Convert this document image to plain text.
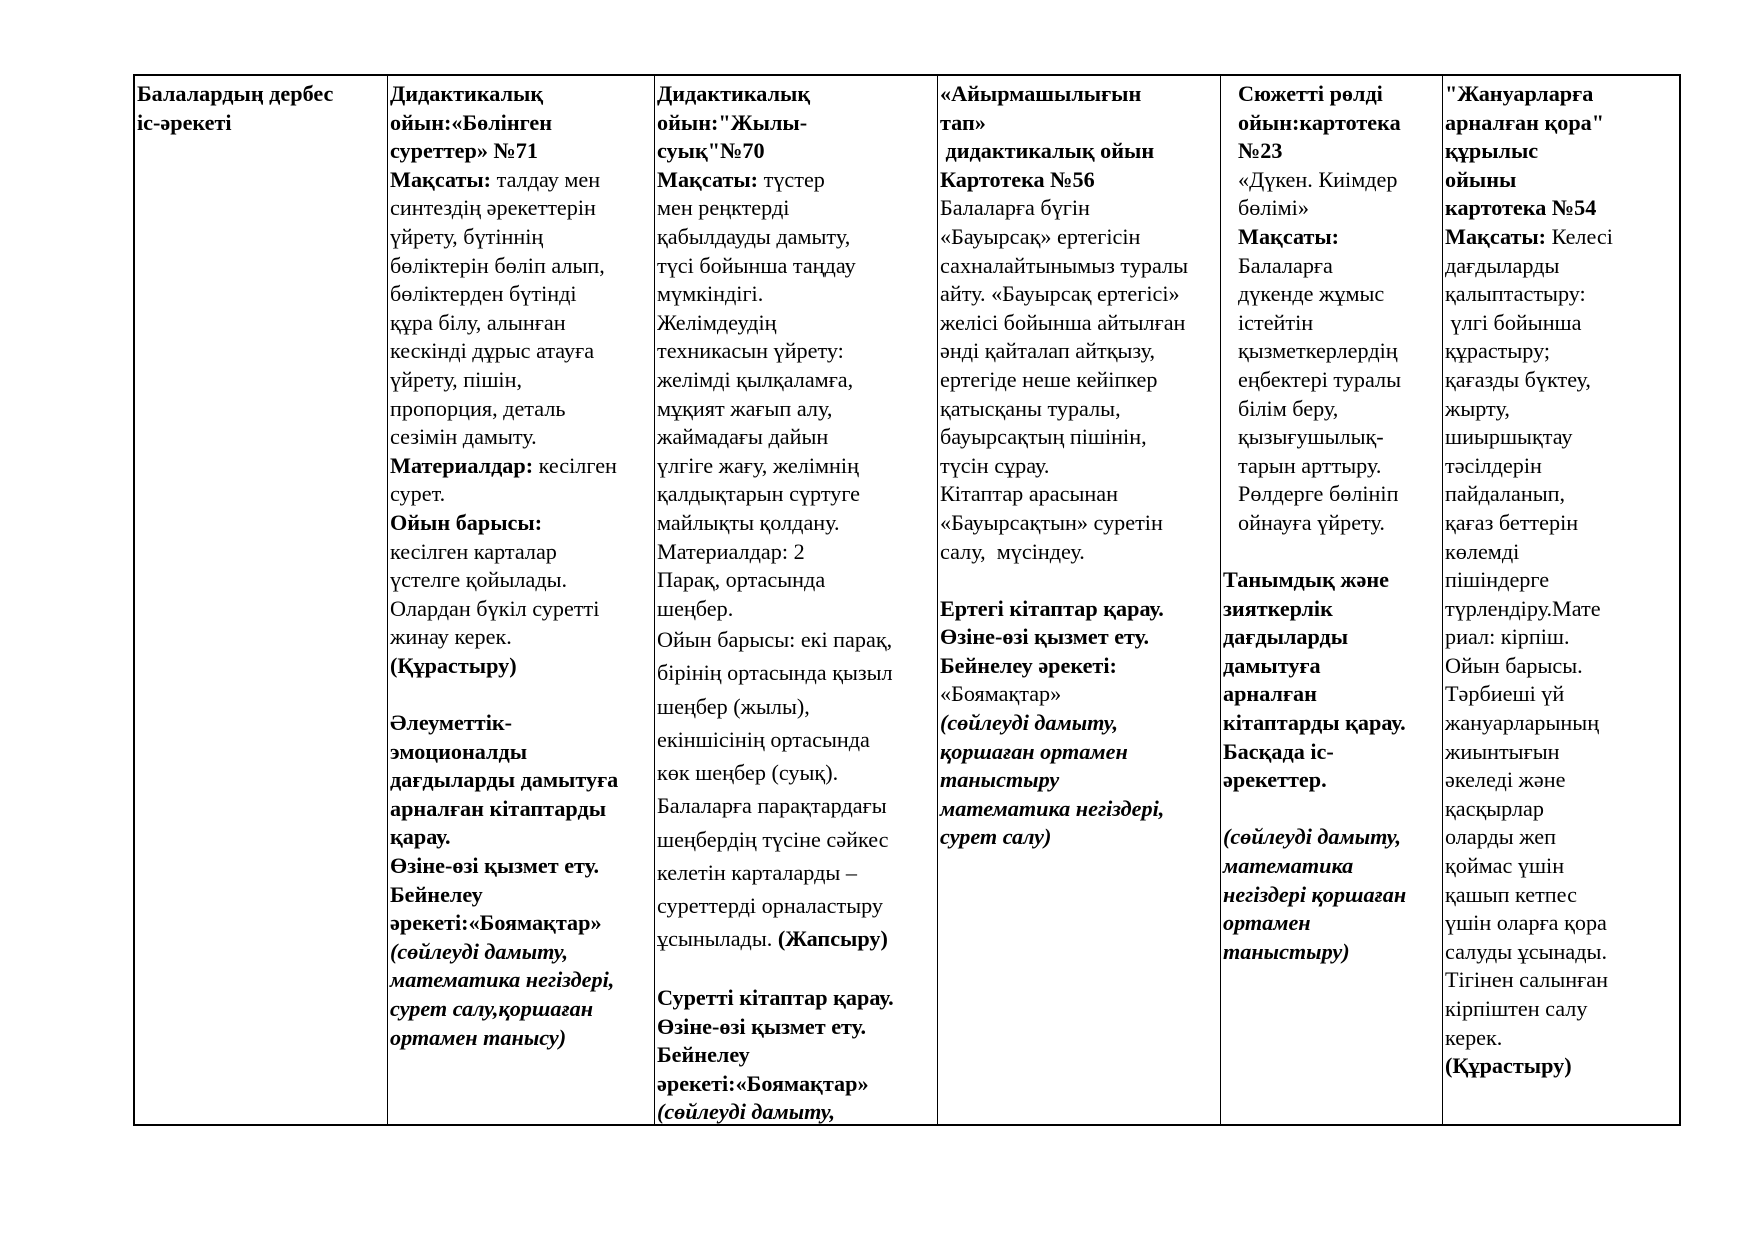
Балалардың дербес
іс-әрекеті
Дидактикалық
ойын:«Бөлінген
суреттер» №71
Мақсаты: талдау мен
синтездің әрекеттерін
үйрету, бүтіннің
бөліктерін бөліп алып,
бөліктерден бүтінді
құра білу, алынған
кескінді дұрыс атауға
үйрету, пішін,
пропорция, деталь
сезімін дамыту.
Материалдар: кесілген
сурет.
Ойын барысы:
кесілген карталар
үстелге қойылады.
Олардан бүкіл суретті
жинау керек.
(Құрастыру)
Әлеуметтік-
эмоционалды
дағдыларды дамытуға
арналған кітаптарды
қарау.
Өзіне-өзі қызмет ету.
Бейнелеу
әрекеті:«Боямақтар»
(сөйлеуді дамыту,
математика негіздері,
сурет салу,қоршаған
ортамен танысу)
Дидактикалық
ойын:"Жылы-
суық"№70
Мақсаты: түстер
мен реңктерді
қабылдауды дамыту,
түсі бойынша таңдау
мүмкіндігі.
Желімдеудің
техникасын үйрету:
желімді қылқаламға,
мұқият жағып алу,
жаймадағы дайын
үлгіге жағу, желімнің
қалдықтарын сүртуге
майлықты қолдану.
Материалдар: 2
Парақ, ортасында
шеңбер.
Ойын барысы: екі парақ,
бірінің ортасында қызыл
шеңбер (жылы),
екіншісінің ортасында
көк шеңбер (суық).
Балаларға парақтардағы
шеңбердің түсіне сәйкес
келетін карталарды –
суреттерді орналастыру
ұсынылады. (Жапсыру)
Суретті кітаптар қарау.
Өзіне-өзі қызмет ету.
Бейнелеу
әрекеті:«Боямақтар»
(сөйлеуді дамыту,
«Айырмашылығын
тап»
дидактикалық ойын
Картотека №56
Балаларға бүгін
«Бауырсақ» ертегісін
сахналайтынымыз туралы
айту. «Бауырсақ ертегісі»
желісі бойынша айтылған
әнді қайталап айтқызу,
ертегіде неше кейіпкер
қатысқаны туралы,
бауырсақтың пішінін,
түсін сұрау.
Кітаптар арасынан
«Бауырсақтын» суретін
салу,  мүсіндеу.
Ертегі кітаптар қарау.
Өзіне-өзі қызмет ету.
Бейнелеу әрекеті:
«Боямақтар»
(сөйлеуді дамыту,
қоршаған ортамен
таныстыру
математика негіздері,
сурет салу)
Сюжетті рөлді
ойын:картотека
№23
«Дүкен. Киімдер
бөлімі»
Мақсаты:
Балаларға
дүкенде жұмыс
істейтін
қызметкерлердің
еңбектері туралы
білім беру,
қызығушылық-
тарын арттыру.
Рөлдерге бөлініп
ойнауға үйрету.
Танымдық және
зияткерлік
дағдыларды
дамытуға
арналған
кітаптарды қарау.
Басқада іс-
әрекеттер.
(сөйлеуді дамыту,
математика
негіздері қоршаған
ортамен
таныстыру)
"Жануарларға
арналған қора"
құрылыс
ойыны
картотека №54
Мақсаты: Келесі
дағдыларды
қалыптастыру:
үлгі бойынша
құрастыру;
қағазды бүктеу,
жырту,
шиыршықтау
тәсілдерін
пайдаланып,
қағаз беттерін
көлемді
пішіндерге
түрлендіру.Мате
риал: кірпіш.
Ойын барысы.
Тәрбиеші үй
жануарларының
жиынтығын
әкеледі және
қасқырлар
оларды жеп
қоймас үшін
қашып кетпес
үшін оларға қора
салуды ұсынады.
Тігінен салынған
кірпіштен салу
керек.
(Құрастыру)
